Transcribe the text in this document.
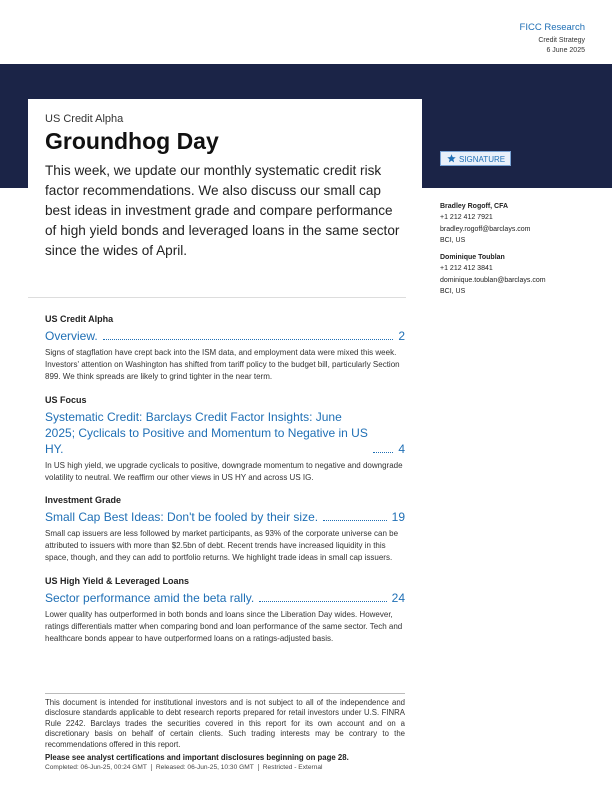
FICC Research
Credit Strategy
6 June 2025
US Credit Alpha
Groundhog Day

This week, we update our monthly systematic credit risk factor recommendations. We also discuss our small cap best ideas in investment grade and compare performance of high yield bonds and leveraged loans in the same sector since the wides of April.

SIGNATURE
Bradley Rogoff, CFA
+1 212 412 7921
bradley.rogoff@barclays.com
BCI, US
Dominique Toublan
+1 212 412 3841
dominique.toublan@barclays.com
BCI, US
US Credit Alpha
Overview.	2
Signs of stagflation have crept back into the ISM data, and employment data were mixed this week. Investors' attention on Washington has shifted from tariff policy to the budget bill, particularly Section 899. We think spreads are likely to grind tighter in the near term.
US Focus
Systematic Credit: Barclays Credit Factor Insights: June 2025; Cyclicals to Positive and Momentum to Negative in US HY.	4
In US high yield, we upgrade cyclicals to positive, downgrade momentum to negative and downgrade volatility to neutral. We reaffirm our other views in US HY and across US IG.
Investment Grade
Small Cap Best Ideas: Don't be fooled by their size.	19
Small cap issuers are less followed by market participants, as 93% of the corporate universe can be attributed to issuers with more than $2.5bn of debt. Recent trends have increased liquidity in this space, though, and they can add to portfolio returns. We highlight trade ideas in small cap issuers.
US High Yield & Leveraged Loans
Sector performance amid the beta rally.	24
Lower quality has outperformed in both bonds and loans since the Liberation Day wides. However, ratings differentials matter when comparing bond and loan performance of the same sector. Tech and healthcare bonds appear to have outperformed loans on a ratings-adjusted basis.

This document is intended for institutional investors and is not subject to all of the independence and disclosure standards applicable to debt research reports prepared for retail investors under U.S. FINRA Rule 2242. Barclays trades the securities covered in this report for its own account and on a discretionary basis on behalf of certain clients. Such trading interests may be contrary to the recommendations offered in this report.

Please see analyst certifications and important disclosures beginning on page 28.
Completed: 06-Jun-25, 00:24 GMT Released: 06-Jun-25, 10:30 GMT Restricted - External
